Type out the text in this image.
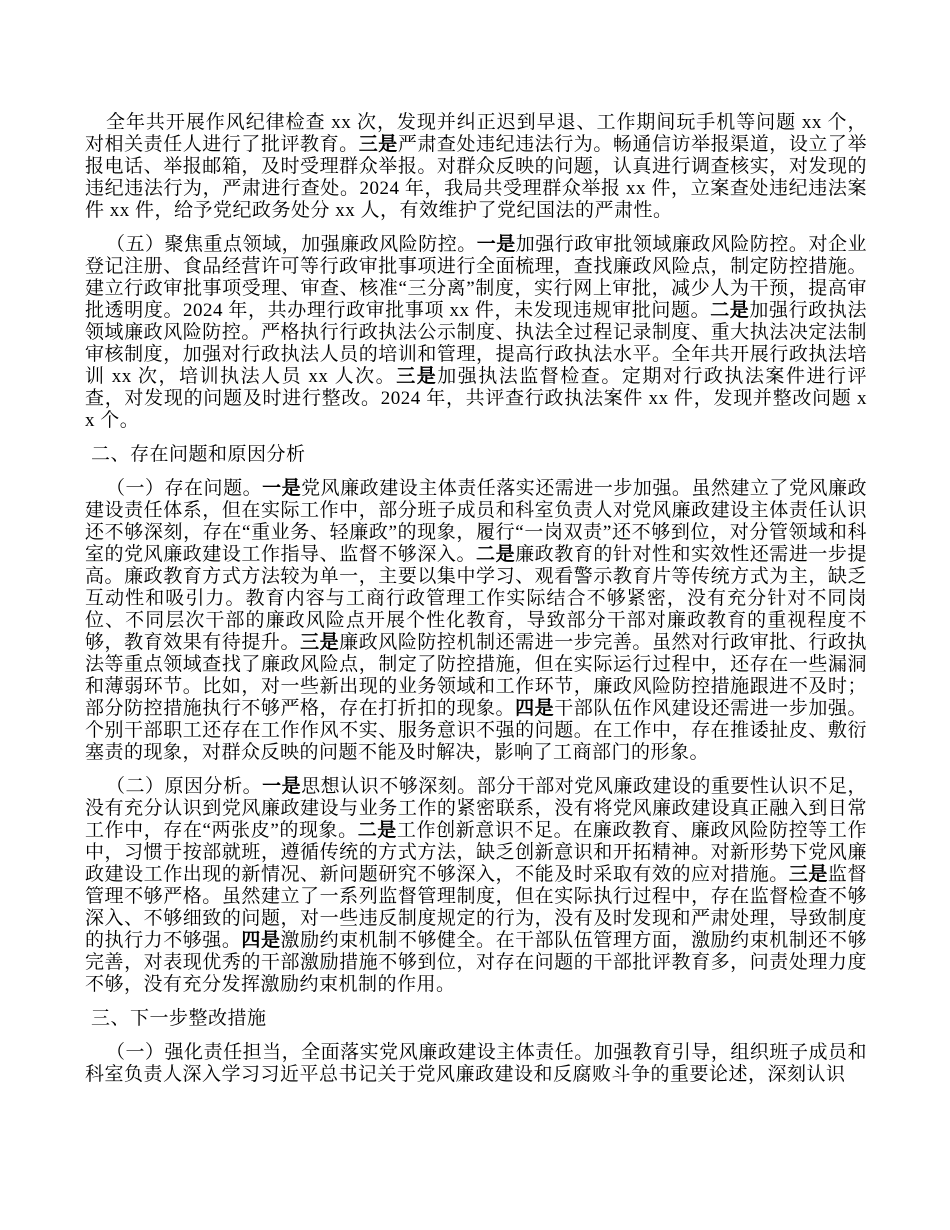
全年共开展作风纪律检查 xx 次，发现并纠正迟到早退、工作期间玩手机等问题 xx 个，对相关责任人进行了批评教育。三是严肃查处违纪违法行为。畅通信访举报渠道，设立了举报电话、举报邮箱，及时受理群众举报。对群众反映的问题，认真进行调查核实，对发现的违纪违法行为，严肃进行查处。2024 年，我局共受理群众举报 xx 件，立案查处违纪违法案件 xx 件，给予党纪政务处分 xx 人，有效维护了党纪国法的严肃性。

（五）聚焦重点领域，加强廉政风险防控。一是加强行政审批领域廉政风险防控。对企业登记注册、食品经营许可等行政审批事项进行全面梳理，查找廉政风险点，制定防控措施。建立行政审批事项受理、审查、核准“三分离”制度，实行网上审批，减少人为干预，提高审批透明度。2024 年，共办理行政审批事项 xx 件，未发现违规审批问题。二是加强行政执法领域廉政风险防控。严格执行行政执法公示制度、执法全过程记录制度、重大执法决定法制审核制度，加强对行政执法人员的培训和管理，提高行政执法水平。全年共开展行政执法培训 xx 次，培训执法人员 xx 人次。三是加强执法监督检查。定期对行政执法案件进行评查，对发现的问题及时进行整改。2024 年，共评查行政执法案件 xx 件，发现并整改问题 xx 个。

二、存在问题和原因分析

（一）存在问题。一是党风廉政建设主体责任落实还需进一步加强。虽然建立了党风廉政建设责任体系，但在实际工作中，部分班子成员和科室负责人对党风廉政建设主体责任认识还不够深刻，存在“重业务、轻廉政”的现象，履行“一岗双责”还不够到位，对分管领域和科室的党风廉政建设工作指导、监督不够深入。二是廉政教育的针对性和实效性还需进一步提高。廉政教育方式方法较为单一，主要以集中学习、观看警示教育片等传统方式为主，缺乏互动性和吸引力。教育内容与工商行政管理工作实际结合不够紧密，没有充分针对不同岗位、不同层次干部的廉政风险点开展个性化教育，导致部分干部对廉政教育的重视程度不够，教育效果有待提升。三是廉政风险防控机制还需进一步完善。虽然对行政审批、行政执法等重点领域查找了廉政风险点，制定了防控措施，但在实际运行过程中，还存在一些漏洞和薄弱环节。比如，对一些新出现的业务领域和工作环节，廉政风险防控措施跟进不及时；部分防控措施执行不够严格，存在打折扣的现象。四是干部队伍作风建设还需进一步加强。个别干部职工还存在工作作风不实、服务意识不强的问题。在工作中，存在推诿扯皮、敷衍塞责的现象，对群众反映的问题不能及时解决，影响了工商部门的形象。

（二）原因分析。一是思想认识不够深刻。部分干部对党风廉政建设的重要性认识不足，没有充分认识到党风廉政建设与业务工作的紧密联系，没有将党风廉政建设真正融入到日常工作中，存在“两张皮”的现象。二是工作创新意识不足。在廉政教育、廉政风险防控等工作中，习惯于按部就班，遵循传统的方式方法，缺乏创新意识和开拓精神。对新形势下党风廉政建设工作出现的新情况、新问题研究不够深入，不能及时采取有效的应对措施。三是监督管理不够严格。虽然建立了一系列监督管理制度，但在实际执行过程中，存在监督检查不够深入、不够细致的问题，对一些违反制度规定的行为，没有及时发现和严肃处理，导致制度的执行力不够强。四是激励约束机制不够健全。在干部队伍管理方面，激励约束机制还不够完善，对表现优秀的干部激励措施不够到位，对存在问题的干部批评教育多，问责处理力度不够，没有充分发挥激励约束机制的作用。

三、下一步整改措施

（一）强化责任担当，全面落实党风廉政建设主体责任。加强教育引导，组织班子成员和科室负责人深入学习习近平总书记关于党风廉政建设和反腐败斗争的重要论述，深刻认识
